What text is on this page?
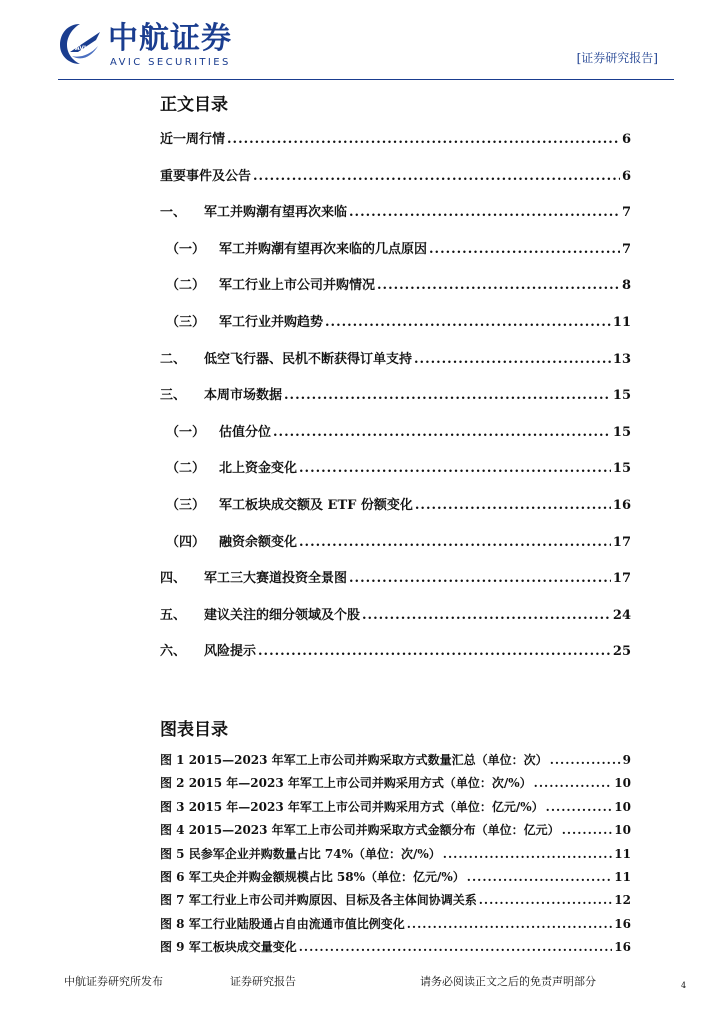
AVIC 中航证券
AVIC SECURITIES	[证券研究报告]
正文目录
近一周行情 .....	6
重要事件及公告 .....	6
一、	军工并购潮有望再次来临 .....	7
（一）	军工并购潮有望再次来临的几点原因 .....	7
（二）	军工行业上市公司并购情况 .....	8
（三）	军工行业并购趋势 .....	11
二、	低空飞行器、民机不断获得订单支持 .....	13
三、	本周市场数据 .....	15
（一）	估值分位 .....	15
（二）	北上资金变化 .....	15
（三）	军工板块成交额及 ETF 份额变化 .....	16
（四）	融资余额变化 .....	17
四、	军工三大赛道投资全景图 .....	17
五、	建议关注的细分领域及个股 .....	24
六、	风险提示 .....	25
图表目录
图 1 2015—2023 年军工上市公司并购采取方式数量汇总（单位：次） .....	9
图 2 2015 年—2023 年军工上市公司并购采用方式（单位：次/%） .....	10
图 3 2015 年—2023 年军工上市公司并购采用方式（单位：亿元/%） .....	10
图 4 2015—2023 年军工上市公司并购采取方式金额分布（单位：亿元） .....	10
图 5 民参军企业并购数量占比 74%（单位：次/%） .....	11
图 6 军工央企并购金额规模占比 58%（单位：亿元/%） .....	11
图 7 军工行业上市公司并购原因、目标及各主体间协调关系 .....	12
图 8 军工行业陆股通占自由流通市值比例变化 .....	16
图 9 军工板块成交量变化 .....	16
中航证券研究所发布	证券研究报告	请务必阅读正文之后的免责声明部分	4
